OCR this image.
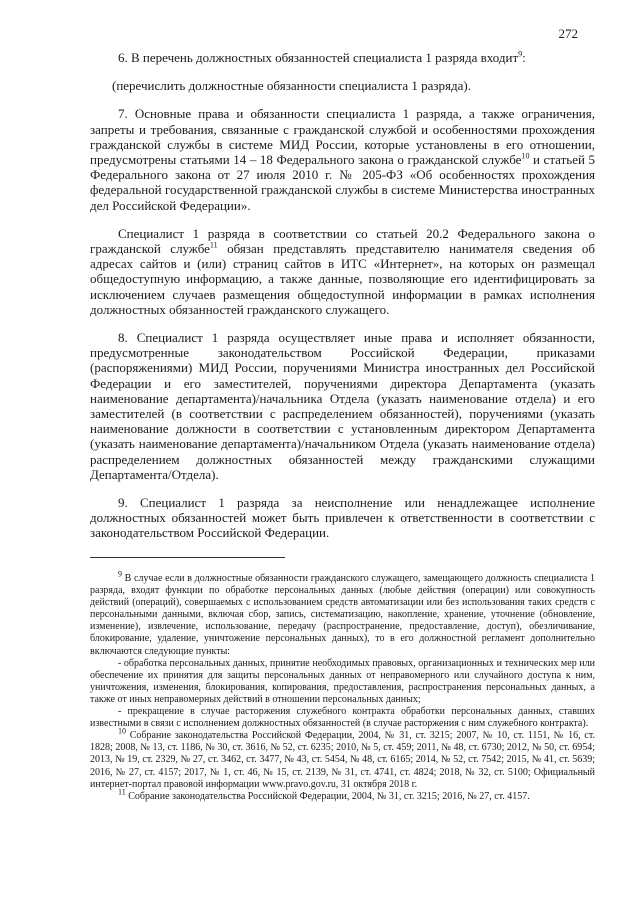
272

6. В перечень должностных обязанностей специалиста 1 разряда входит$^9$:

(перечислить должностные обязанности специалиста 1 разряда).

7. Основные права и обязанности специалиста 1 разряда, а также ограничения, запреты и требования, связанные с гражданской службой и особенностями прохождения гражданской службы в системе МИД России, которые установлены в его отношении, предусмотрены статьями 14 – 18 Федерального закона о гражданской службе$^{10}$ и статьей 5 Федерального закона от 27 июля 2010 г. № 205-ФЗ «Об особенностях прохождения федеральной государственной гражданской службы в системе Министерства иностранных дел Российской Федерации».

Специалист 1 разряда в соответствии со статьей 20.2 Федерального закона о гражданской службе$^{11}$ обязан представлять представителю нанимателя сведения об адресах сайтов и (или) страниц сайтов в ИТС «Интернет», на которых он размещал общедоступную информацию, а также данные, позволяющие его идентифицировать за исключением случаев размещения общедоступной информации в рамках исполнения должностных обязанностей гражданского служащего.

8. Специалист 1 разряда осуществляет иные права и исполняет обязанности, предусмотренные законодательством Российской Федерации, приказами (распоряжениями) МИД России, поручениями Министра иностранных дел Российской Федерации и его заместителей, поручениями директора Департамента (указать наименование департамента)/начальника Отдела (указать наименование отдела) и его заместителей (в соответствии с распределением обязанностей), поручениями (указать наименование должности в соответствии с установленным директором Департамента (указать наименование департамента)/начальником Отдела (указать наименование отдела) распределением должностных обязанностей между гражданскими служащими Департамента/Отдела).

9. Специалист 1 разряда за неисполнение или ненадлежащее исполнение должностных обязанностей может быть привлечен к ответственности в соответствии с законодательством Российской Федерации.

$^9$ В случае если в должностные обязанности гражданского служащего, замещающего должность специалиста 1 разряда, входят функции по обработке персональных данных (любые действия (операции) или совокупность действий (операций), совершаемых с использованием средств автоматизации или без использования таких средств с персональными данными, включая сбор, запись, систематизацию, накопление, хранение, уточнение (обновление, изменение), извлечение, использование, передачу (распространение, предоставление, доступ), обезличивание, блокирование, удаление, уничтожение персональных данных), то в его должностной регламент дополнительно включаются следующие пункты:

- обработка персональных данных, принятие необходимых правовых, организационных и технических мер или обеспечение их принятия для защиты персональных данных от неправомерного или случайного доступа к ним, уничтожения, изменения, блокирования, копирования, предоставления, распространения персональных данных, а также от иных неправомерных действий в отношении персональных данных;

- прекращение в случае расторжения служебного контракта обработки персональных данных, ставших известными в связи с исполнением должностных обязанностей (в случае расторжения с ним служебного контракта).

$^{10}$ Собрание законодательства Российской Федерации, 2004, № 31, ст. 3215; 2007, № 10, ст. 1151, № 16, ст. 1828; 2008, № 13, ст. 1186, № 30, ст. 3616, № 52, ст. 6235; 2010, № 5, ст. 459; 2011, № 48, ст. 6730; 2012, № 50, ст. 6954; 2013, № 19, ст. 2329, № 27, ст. 3462, ст. 3477, № 43, ст. 5454, № 48, ст. 6165; 2014, № 52, ст. 7542; 2015, № 41, ст. 5639; 2016, № 27, ст. 4157; 2017, № 1, ст. 46, № 15, ст. 2139, № 31, ст. 4741, ст. 4824; 2018, № 32, ст. 5100; Официальный интернет-портал правовой информации www.pravo.gov.ru, 31 октября 2018 г.

$^{11}$ Собрание законодательства Российской Федерации, 2004, № 31, ст. 3215; 2016, № 27, ст. 4157.
